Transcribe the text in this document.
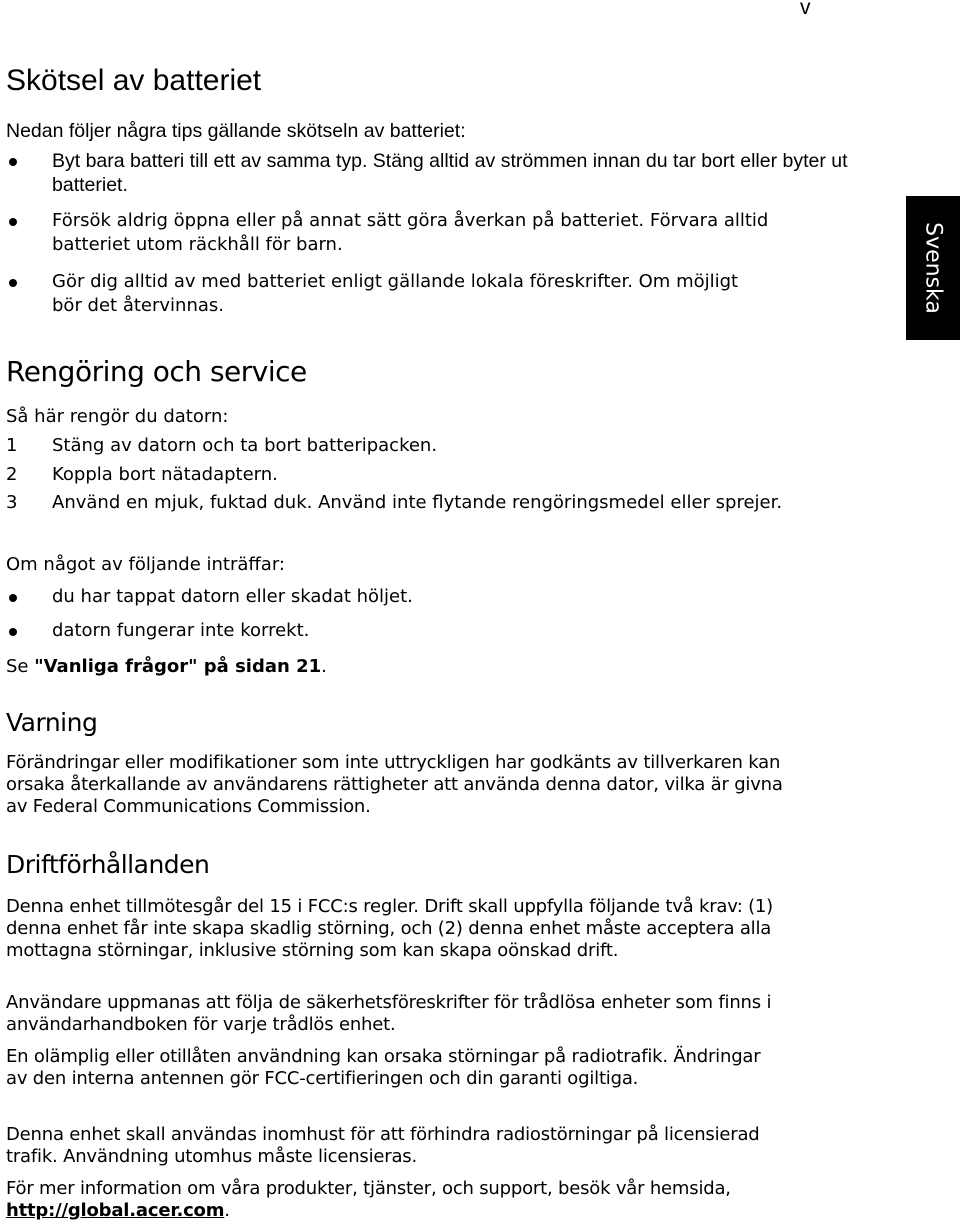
v
Svenska
Skötsel av batteriet
Nedan följer några tips gällande skötseln av batteriet:
Byt bara batteri till ett av samma typ. Stäng alltid av strömmen innan du tar bort eller byter ut batteriet.
Försök aldrig öppna eller på annat sätt göra åverkan på batteriet. Förvara alltid batteriet utom räckhåll för barn.
Gör dig alltid av med batteriet enligt gällande lokala föreskrifter. Om möjligt bör det återvinnas.
Rengöring och service
Så här rengör du datorn:
1 Stäng av datorn och ta bort batteripacken.
2 Koppla bort nätadaptern.
3 Använd en mjuk, fuktad duk. Använd inte flytande rengöringsmedel eller sprejer.
Om något av följande inträffar:
du har tappat datorn eller skadat höljet.
datorn fungerar inte korrekt.
Se "Vanliga frågor" på sidan 21.
Varning
Förändringar eller modifikationer som inte uttryckligen har godkänts av tillverkaren kan orsaka återkallande av användarens rättigheter att använda denna dator, vilka är givna av Federal Communications Commission.
Driftförhållanden
Denna enhet tillmötesgår del 15 i FCC:s regler. Drift skall uppfylla följande två krav: (1) denna enhet får inte skapa skadlig störning, och (2) denna enhet måste acceptera alla mottagna störningar, inklusive störning som kan skapa oönskad drift.
Användare uppmanas att följa de säkerhetsföreskrifter för trådlösa enheter som finns i användarhandboken för varje trådlös enhet.
En olämplig eller otillåten användning kan orsaka störningar på radiotrafik. Ändringar av den interna antennen gör FCC-certifieringen och din garanti ogiltiga.
Denna enhet skall användas inomhust för att förhindra radiostörningar på licensierad trafik. Användning utomhus måste licensieras.
För mer information om våra produkter, tjänster, och support, besök vår hemsida, http://global.acer.com.
